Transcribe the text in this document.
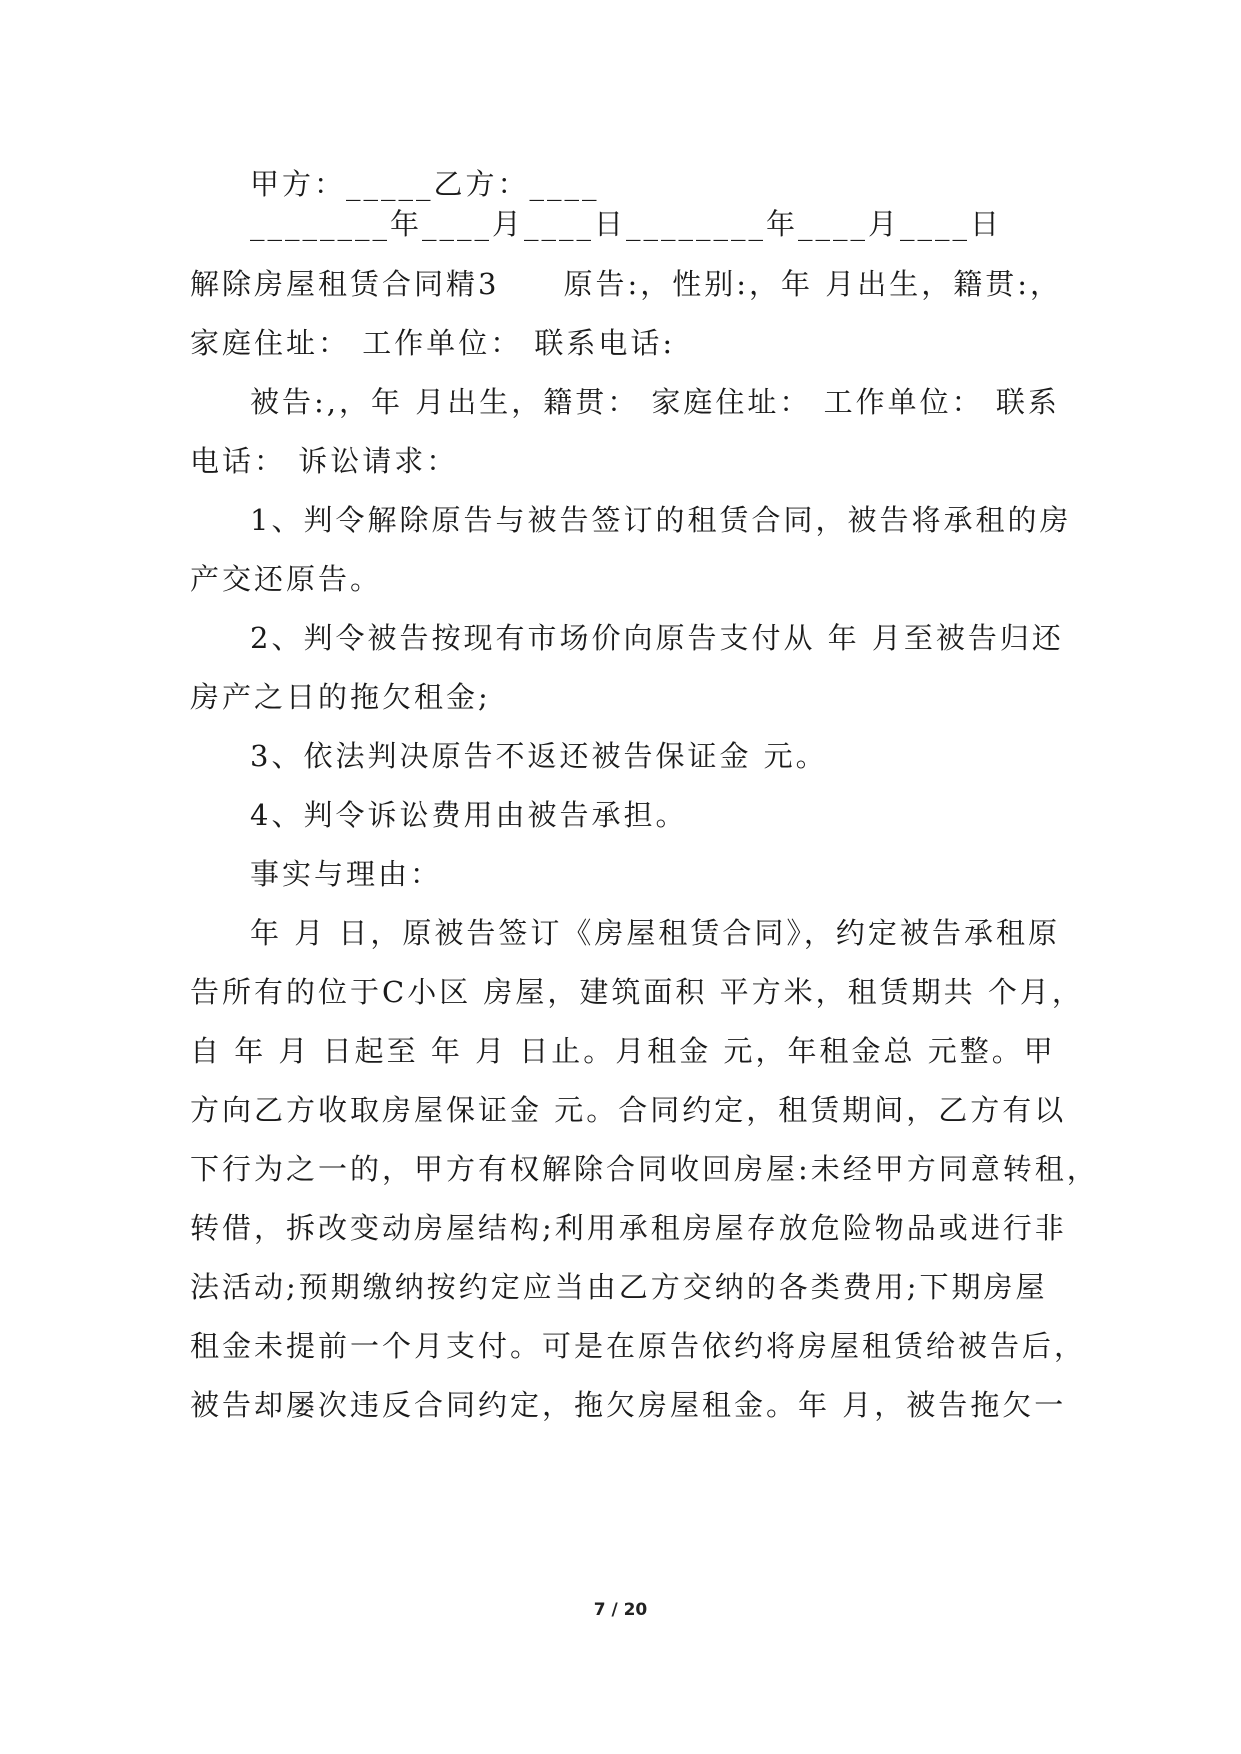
甲方：_____乙方：____
________年____月____日________年____月____日
解除房屋租赁合同精3　　原告:，性别:，年 月出生，籍贯:，
家庭住址： 工作单位： 联系电话:
被告:,，年 月出生，籍贯： 家庭住址： 工作单位： 联系
电话： 诉讼请求：
1、判令解除原告与被告签订的租赁合同，被告将承租的房
产交还原告。
2、判令被告按现有市场价向原告支付从 年 月至被告归还
房产之日的拖欠租金;
3、依法判决原告不返还被告保证金 元。
4、判令诉讼费用由被告承担。
事实与理由：
年 月 日，原被告签订《房屋租赁合同》，约定被告承租原
告所有的位于C小区 房屋，建筑面积 平方米，租赁期共 个月，
自 年 月 日起至 年 月 日止。月租金 元，年租金总 元整。甲
方向乙方收取房屋保证金 元。合同约定，租赁期间，乙方有以
下行为之一的，甲方有权解除合同收回房屋:未经甲方同意转租，
转借，拆改变动房屋结构;利用承租房屋存放危险物品或进行非
法活动;预期缴纳按约定应当由乙方交纳的各类费用;下期房屋
租金未提前一个月支付。可是在原告依约将房屋租赁给被告后，
被告却屡次违反合同约定，拖欠房屋租金。年 月，被告拖欠一
7 / 20
